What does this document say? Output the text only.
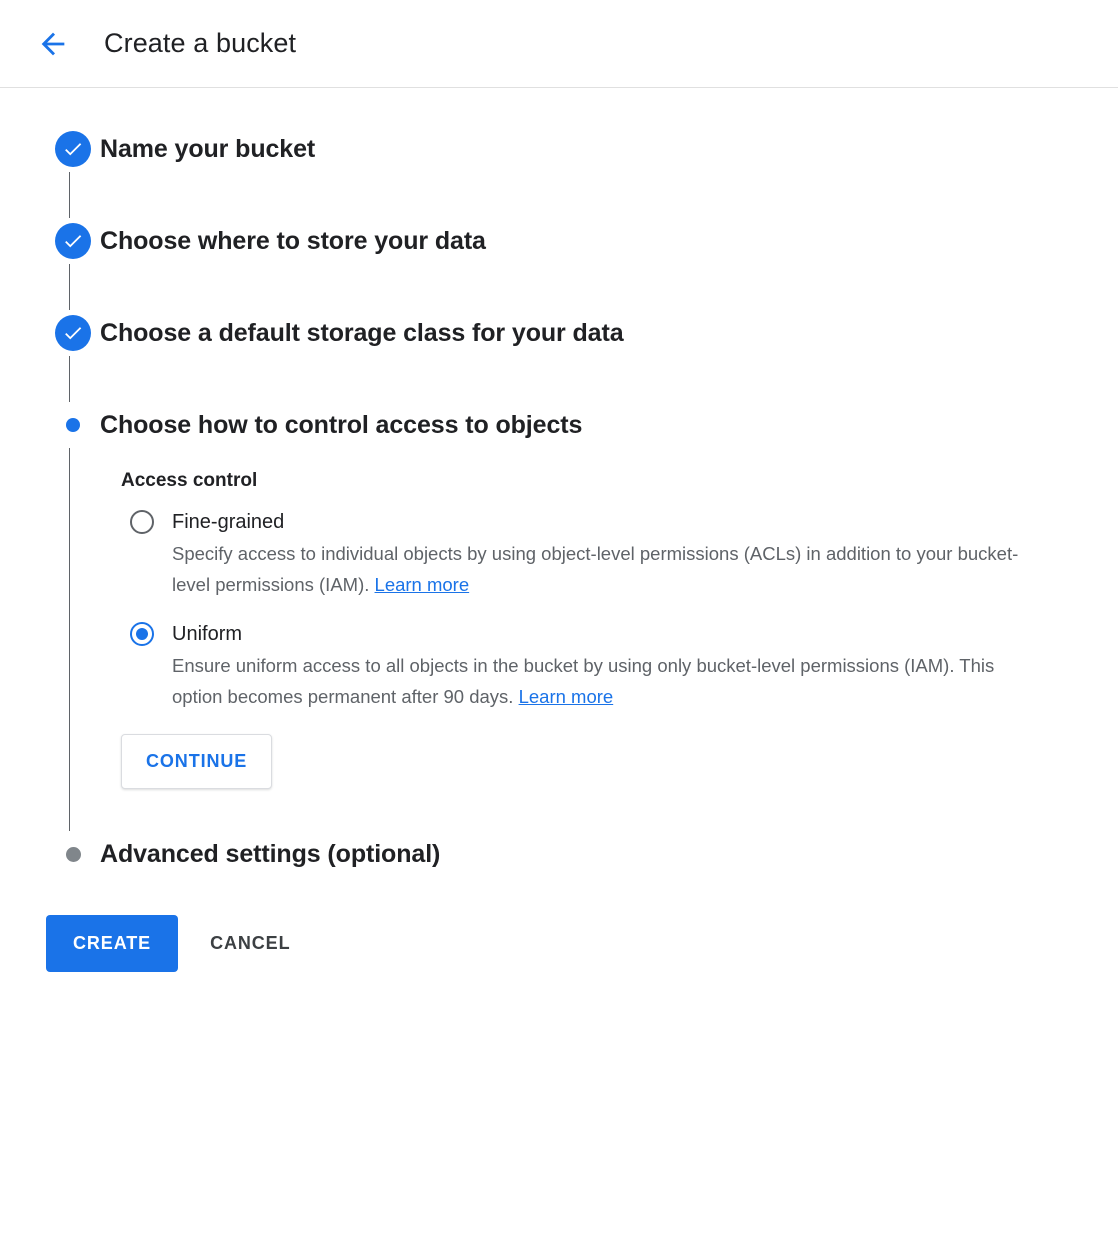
Create a bucket
Name your bucket
Choose where to store your data
Choose a default storage class for your data
Choose how to control access to objects
Access control
Fine-grained
Specify access to individual objects by using object-level permissions (ACLs) in addition to your bucket-level permissions (IAM). Learn more
Uniform
Ensure uniform access to all objects in the bucket by using only bucket-level permissions (IAM). This option becomes permanent after 90 days. Learn more
CONTINUE
Advanced settings (optional)
CREATE	CANCEL
